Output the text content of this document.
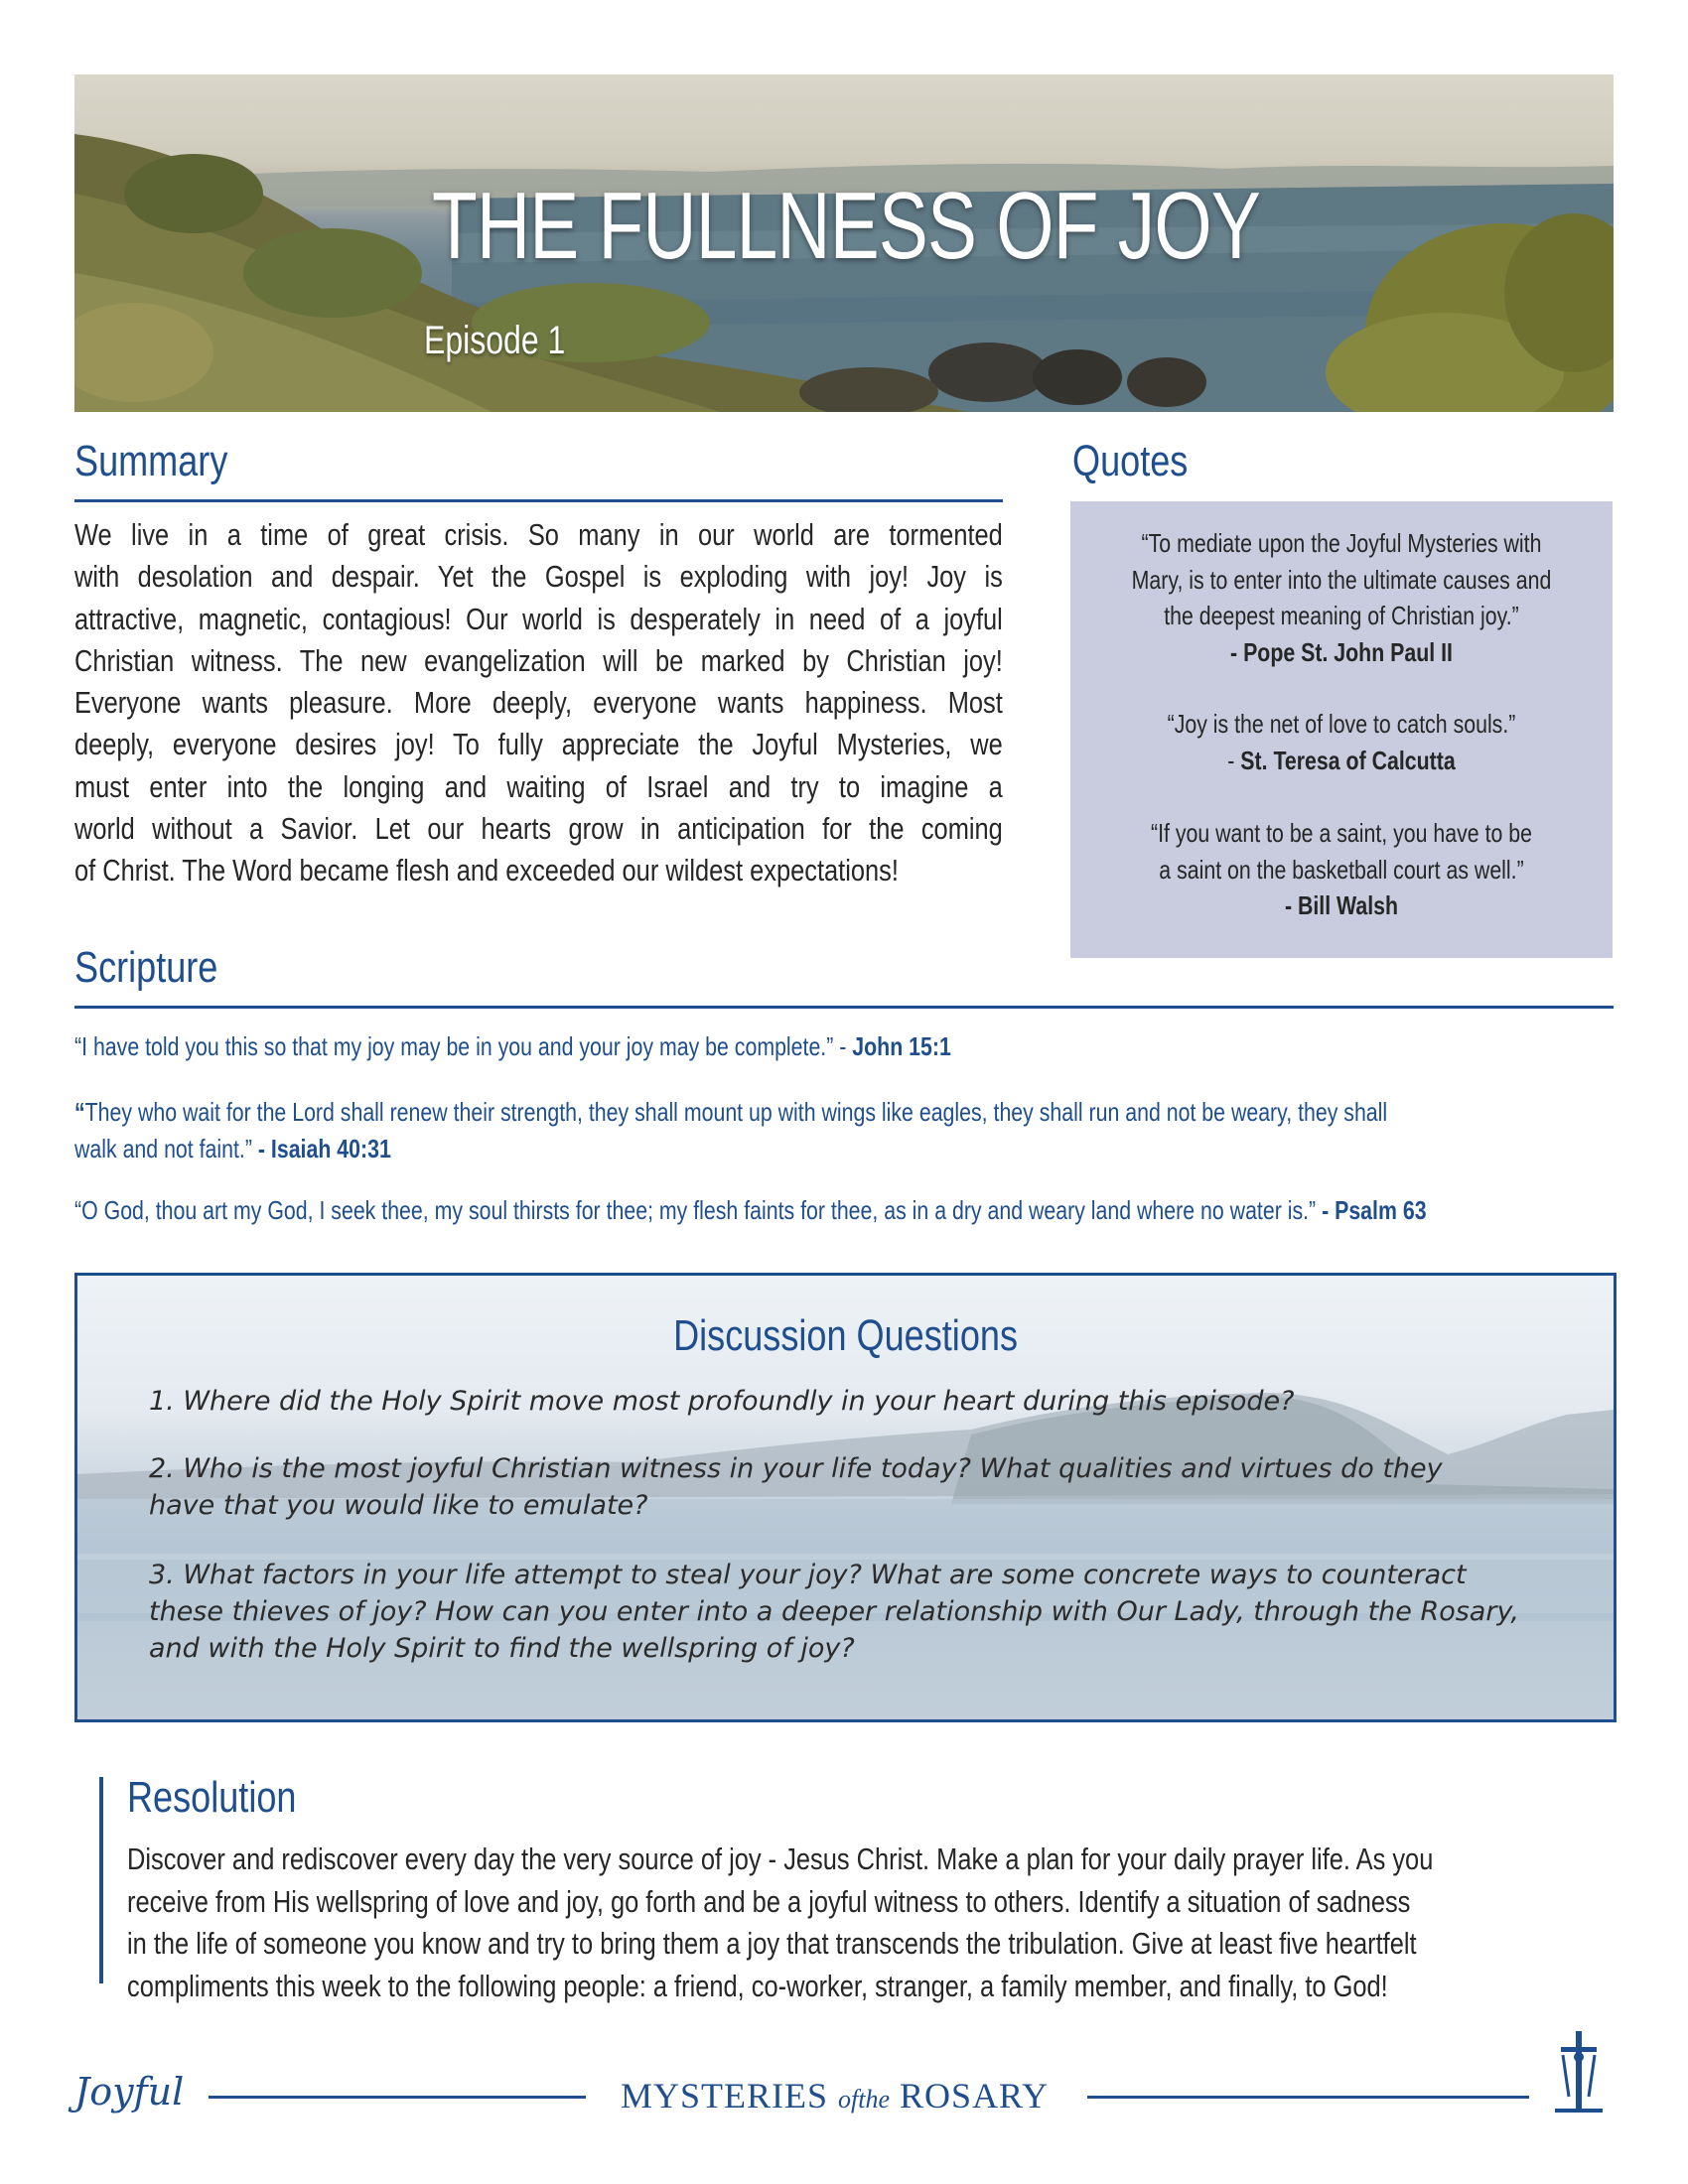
THE FULLNESS OF JOY
Episode 1
Summary
We live in a time of great crisis. So many in our world are tormented
with desolation and despair. Yet the Gospel is exploding with joy! Joy is
attractive, magnetic, contagious! Our world is desperately in need of a joyful
Christian witness. The new evangelization will be marked by Christian joy!
Everyone wants pleasure. More deeply, everyone wants happiness. Most
deeply, everyone desires joy! To fully appreciate the Joyful Mysteries, we
must enter into the longing and waiting of Israel and try to imagine a
world without a Savior. Let our hearts grow in anticipation for the coming
of Christ. The Word became flesh and exceeded our wildest expectations!
Quotes
“To mediate upon the Joyful Mysteries with
Mary, is to enter into the ultimate causes and
the deepest meaning of Christian joy.”
- Pope St. John Paul II
“Joy is the net of love to catch souls.”
- St. Teresa of Calcutta
“If you want to be a saint, you have to be
a saint on the basketball court as well.”
- Bill Walsh
Scripture

“I have told you this so that my joy may be in you and your joy may be complete.” - John 15:1

“They who wait for the Lord shall renew their strength, they shall mount up with wings like eagles, they shall run and not be weary, they shall
walk and not faint.” - Isaiah 40:31

“O God, thou art my God, I seek thee, my soul thirsts for thee; my flesh faints for thee, as in a dry and weary land where no water is.” - Psalm 63

Discussion Questions
1. Where did the Holy Spirit move most profoundly in your heart during this episode?
2. Who is the most joyful Christian witness in your life today? What qualities and virtues do they
have that you would like to emulate?
3. What factors in your life attempt to steal your joy? What are some concrete ways to counteract
these thieves of joy? How can you enter into a deeper relationship with Our Lady, through the Rosary,
and with the Holy Spirit to find the wellspring of joy?
Resolution
Discover and rediscover every day the very source of joy - Jesus Christ. Make a plan for your daily prayer life. As you
receive from His wellspring of love and joy, go forth and be a joyful witness to others. Identify a situation of sadness
in the life of someone you know and try to bring them a joy that transcends the tribulation. Give at least five heartfelt
compliments this week to the following people: a friend, co-worker, stranger, a family member, and finally, to God!
Joyful	MYSTERIES ofthe ROSARY
